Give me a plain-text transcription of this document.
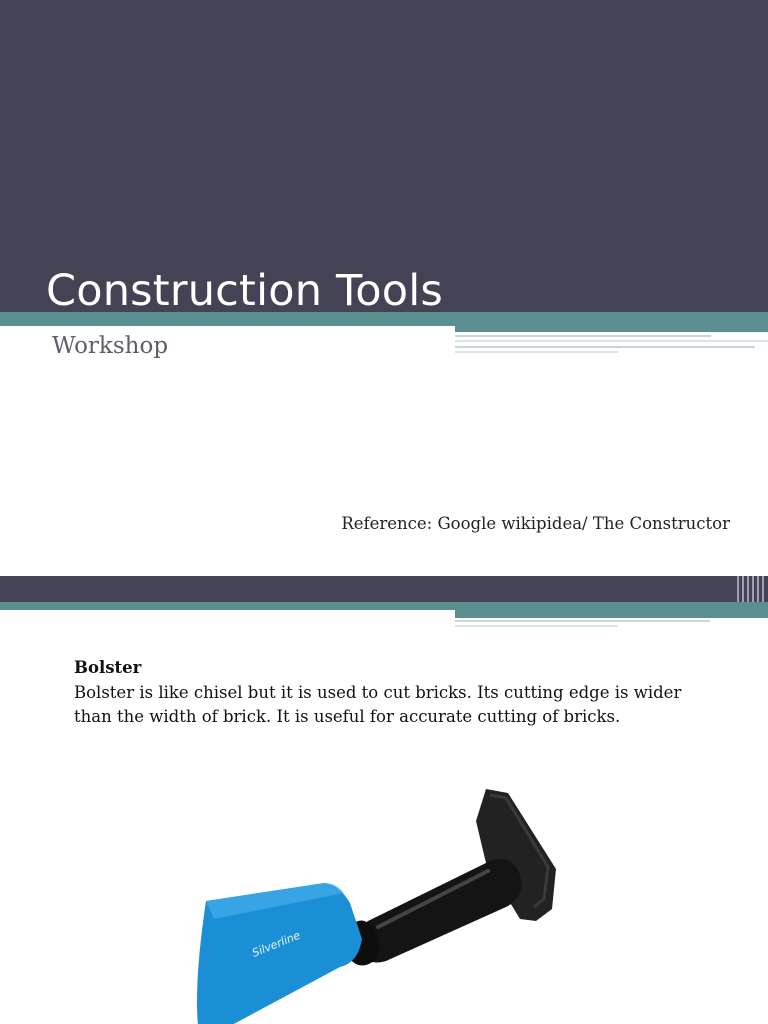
Construction Tools
Workshop
Reference: Google wikipidea/ The Constructor
Bolster
Bolster is like chisel but it is used to cut bricks. Its cutting edge is wider than the width of brick. It is useful for accurate cutting of bricks.
Silverline
